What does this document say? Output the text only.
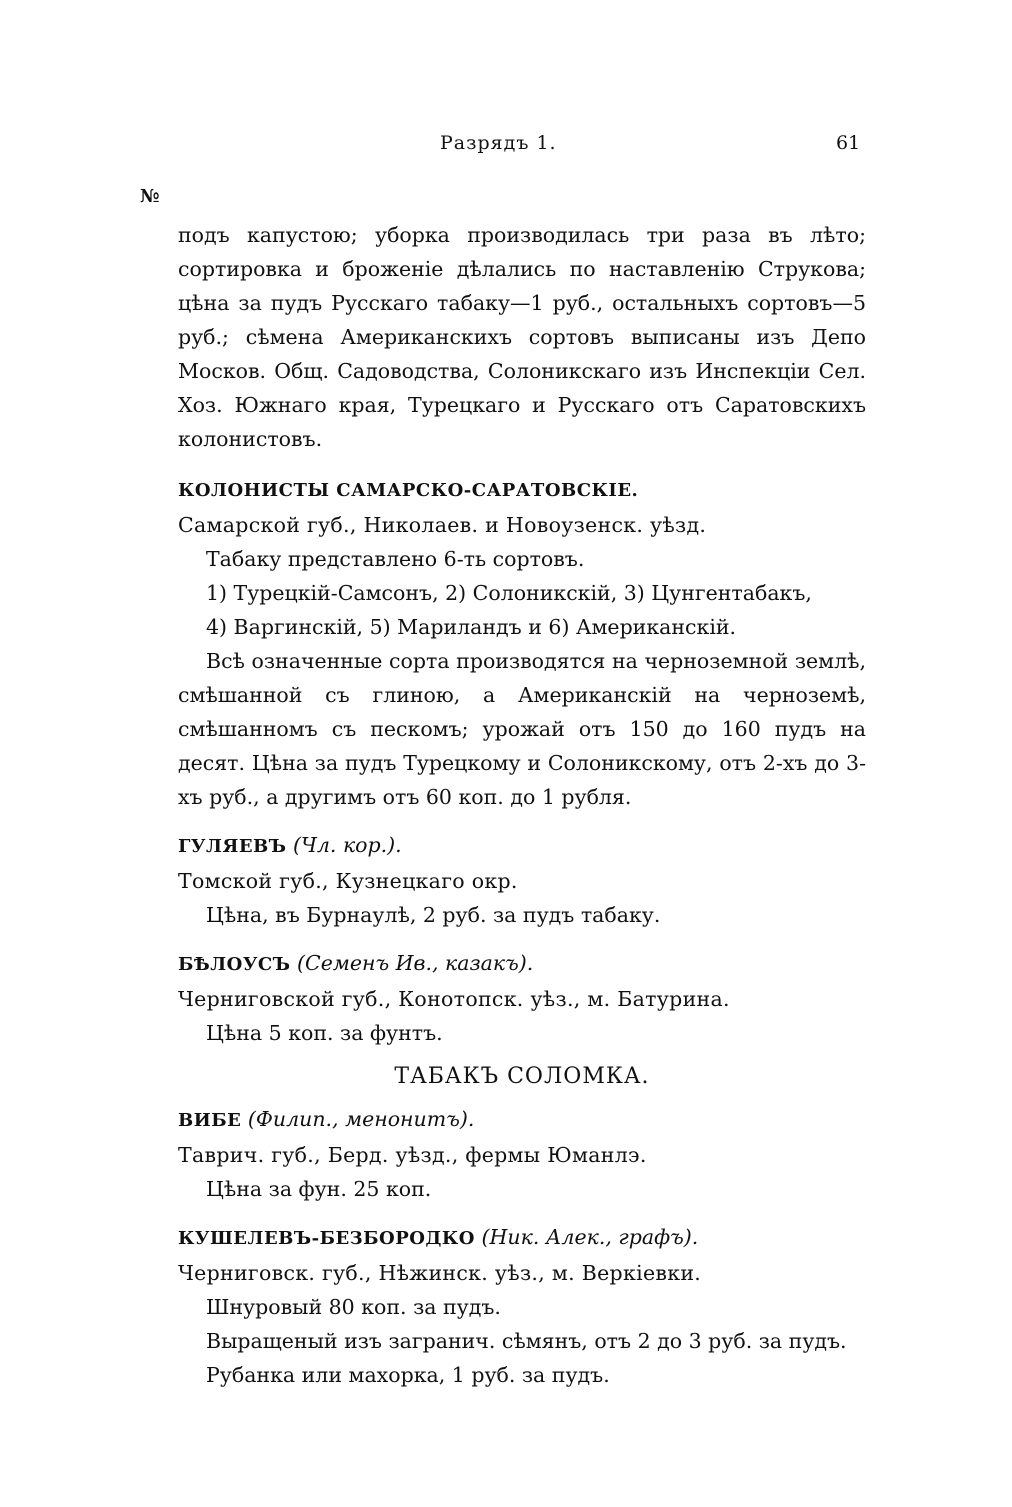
Разрядъ 1.	61
№

подъ капустою; уборка производилась три раза въ лѣто; сортировка и броженіе дѣлались по наставленію Струкова; цѣна за пудъ Русскаго табаку—1 руб., остальныхъ сортовъ—5 руб.; сѣмена Американскихъ сортовъ выписаны изъ Депо Москов. Общ. Садоводства, Солоникскаго изъ Инспекціи Сел. Хоз. Южнаго края, Турецкаго и Русскаго отъ Саратовскихъ колонистовъ.

КОЛОНИСТЫ САМАРСКО-САРАТОВСКІЕ.

Самарской губ., Николаев. и Новоузенск. уѣзд.

Табаку представлено 6-ть сортовъ.

1) Турецкій-Самсонъ, 2) Солоникскій, 3) Цунгентабакъ,

4) Варгинскій, 5) Мариландъ и 6) Американскій.

Всѣ означенные сорта производятся на черноземной землѣ, смѣшанной съ глиною, а Американскій на черноземѣ, смѣшанномъ съ пескомъ; урожай отъ 150 до 160 пудъ на десят. Цѣна за пудъ Турецкому и Солоникскому, отъ 2-хъ до 3-хъ руб., а другимъ отъ 60 коп. до 1 рубля.

ГУЛЯЕВЪ (Чл. кор.).

Томской губ., Кузнецкаго окр.

Цѣна, въ Бурнаулѣ, 2 руб. за пудъ табаку.

БѢЛОУСЪ (Семенъ Ив., казакъ).

Черниговской губ., Конотопск. уѣз., м. Батурина.

Цѣна 5 коп. за фунтъ.

ТАБАКЪ СОЛОМКА.

ВИБЕ (Филип., менонитъ).

Таврич. губ., Берд. уѣзд., фермы Юманлэ.

Цѣна за фун. 25 коп.

КУШЕЛЕВЪ-БЕЗБОРОДКО (Ник. Алек., графъ).

Черниговск. губ., Нѣжинск. уѣз., м. Веркіевки.

Шнуровый 80 коп. за пудъ.

Выращеный изъ загранич. сѣмянъ, отъ 2 до 3 руб. за пудъ.

Рубанка или махорка, 1 руб. за пудъ.
